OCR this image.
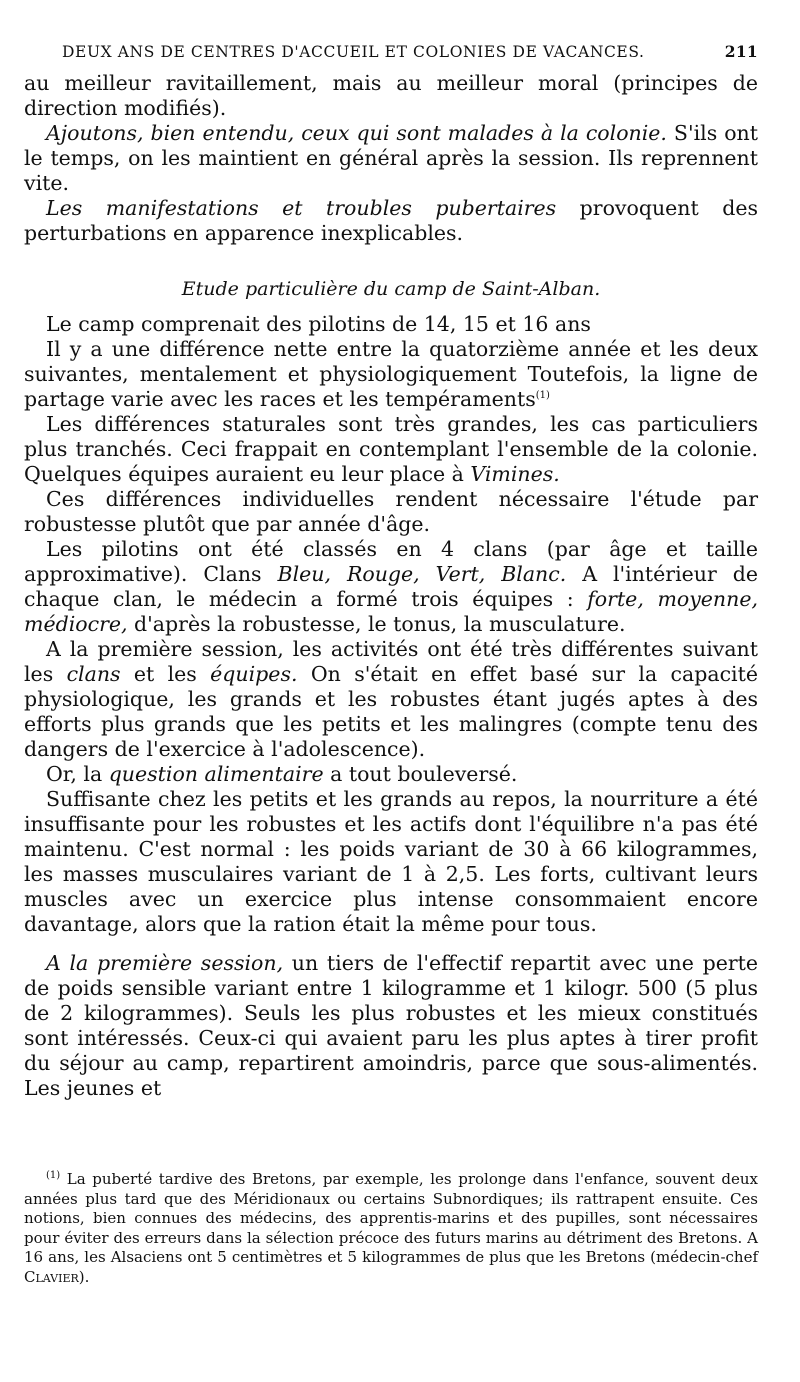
DEUX ANS DE CENTRES D'ACCUEIL ET COLONIES DE VACANCES.	211

au meilleur ravitaillement, mais au meilleur moral (principes de direction modifiés).

Ajoutons, bien entendu, ceux qui sont malades à la colonie. S'ils ont le temps, on les maintient en général après la session. Ils reprennent vite.

Les manifestations et troubles pubertaires provoquent des perturbations en apparence inexplicables.

Etude particulière du camp de Saint-Alban.

Le camp comprenait des pilotins de 14, 15 et 16 ans

Il y a une différence nette entre la quatorzième année et les deux suivantes, mentalement et physiologiquement Toutefois, la ligne de partage varie avec les races et les tempéraments$^{(1)}$

Les différences staturales sont très grandes, les cas particuliers plus tranchés. Ceci frappait en contemplant l'ensemble de la colonie. Quelques équipes auraient eu leur place à Vimines.

Ces différences individuelles rendent nécessaire l'étude par robustesse plutôt que par année d'âge.

Les pilotins ont été classés en 4 clans (par âge et taille approximative). Clans Bleu, Rouge, Vert, Blanc. A l'intérieur de chaque clan, le médecin a formé trois équipes : forte, moyenne, médiocre, d'après la robustesse, le tonus, la musculature.

A la première session, les activités ont été très différentes suivant les clans et les équipes. On s'était en effet basé sur la capacité physiologique, les grands et les robustes étant jugés aptes à des efforts plus grands que les petits et les malingres (compte tenu des dangers de l'exercice à l'adolescence).

Or, la question alimentaire a tout bouleversé.

Suffisante chez les petits et les grands au repos, la nourriture a été insuffisante pour les robustes et les actifs dont l'équilibre n'a pas été maintenu. C'est normal : les poids variant de 30 à 66 kilogrammes, les masses musculaires variant de 1 à 2,5. Les forts, cultivant leurs muscles avec un exercice plus intense consommaient encore davantage, alors que la ration était la même pour tous.

A la première session, un tiers de l'effectif repartit avec une perte de poids sensible variant entre 1 kilogramme et 1 kilogr. 500 (5 plus de 2 kilogrammes). Seuls les plus robustes et les mieux constitués sont intéressés. Ceux-ci qui avaient paru les plus aptes à tirer profit du séjour au camp, repartirent amoindris, parce que sous-alimentés. Les jeunes et

$^{(1)}$ La puberté tardive des Bretons, par exemple, les prolonge dans l'enfance, souvent deux années plus tard que des Méridionaux ou certains Subnordiques; ils rattrapent ensuite. Ces notions, bien connues des médecins, des apprentis-marins et des pupilles, sont nécessaires pour éviter des erreurs dans la sélection précoce des futurs marins au détriment des Bretons. A 16 ans, les Alsaciens ont 5 centimètres et 5 kilogrammes de plus que les Bretons (médecin-chef Clavier).
